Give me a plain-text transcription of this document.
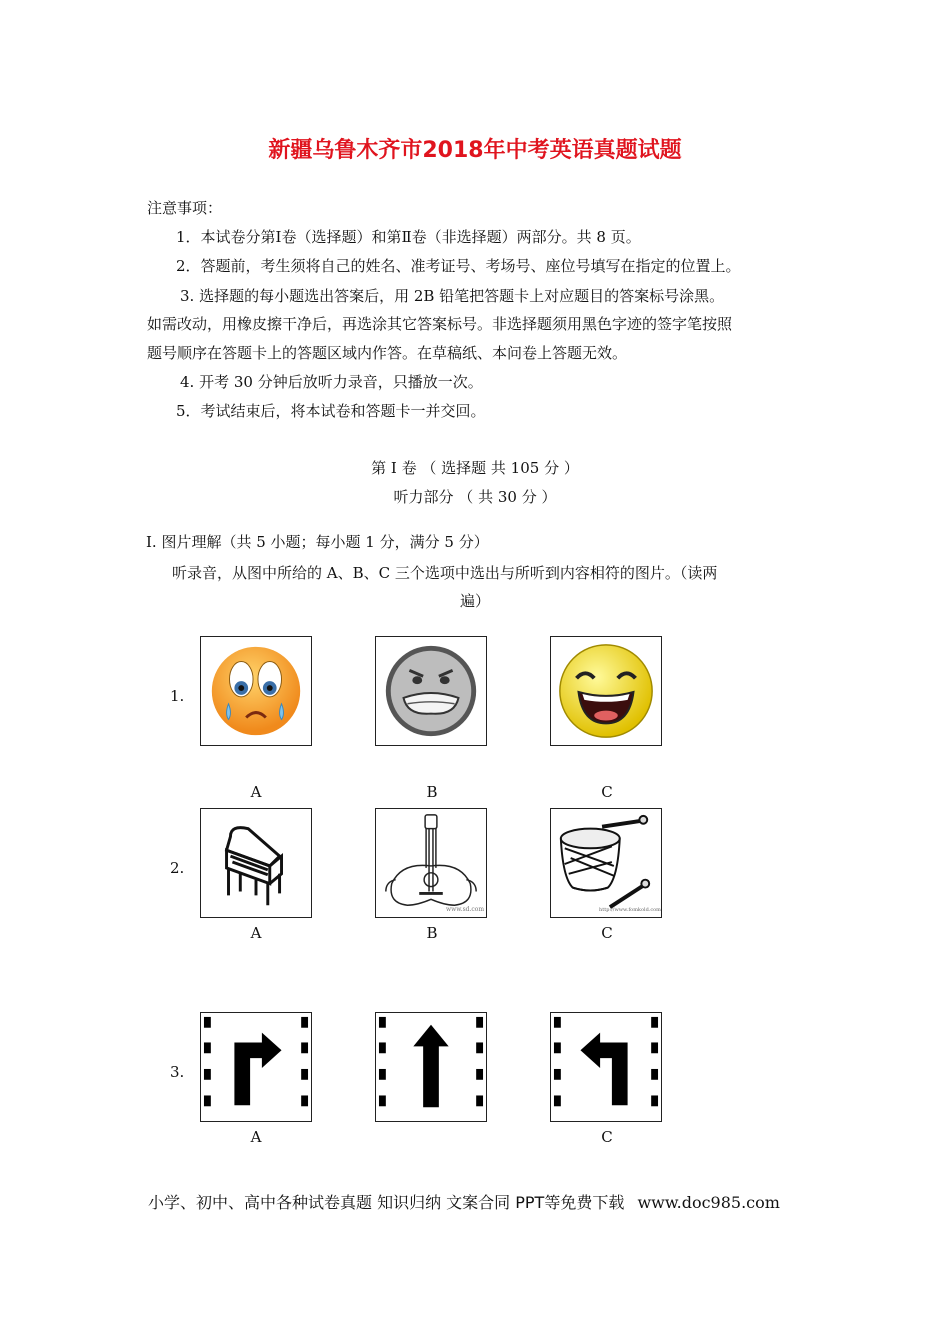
新疆乌鲁木齐市2018年中考英语真题试题
注意事项：
1．本试卷分第Ⅰ卷（选择题）和第Ⅱ卷（非选择题）两部分。共 8 页。
2．答题前，考生须将自己的姓名、准考证号、考场号、座位号填写在指定的位置上。
3. 选择题的每小题选出答案后，用 2B 铅笔把答题卡上对应题目的答案标号涂黑。
如需改动，用橡皮擦干净后，再选涂其它答案标号。非选择题须用黑色字迹的签字笔按照
题号顺序在答题卡上的答题区域内作答。在草稿纸、本问卷上答题无效。
4. 开考 30 分钟后放听力录音，只播放一次。
5．考试结束后，将本试卷和答题卡一并交回。
第 Ⅰ 卷 （ 选择题 共 105 分 ）
听力部分 （ 共 30 分 ）
Ⅰ. 图片理解（共 5 小题；每小题 1 分，满分 5 分）
听录音，从图中所给的 A、B、C 三个选项中选出与所听到内容相符的图片。（读两
遍）
1.
A	B	C
2.
www.sd.com	http://www.fomkold.com
A	B	C
3.
A	C
小学、初中、高中各种试卷真题 知识归纳 文案合同 PPT等免费下载 www.doc985.com
